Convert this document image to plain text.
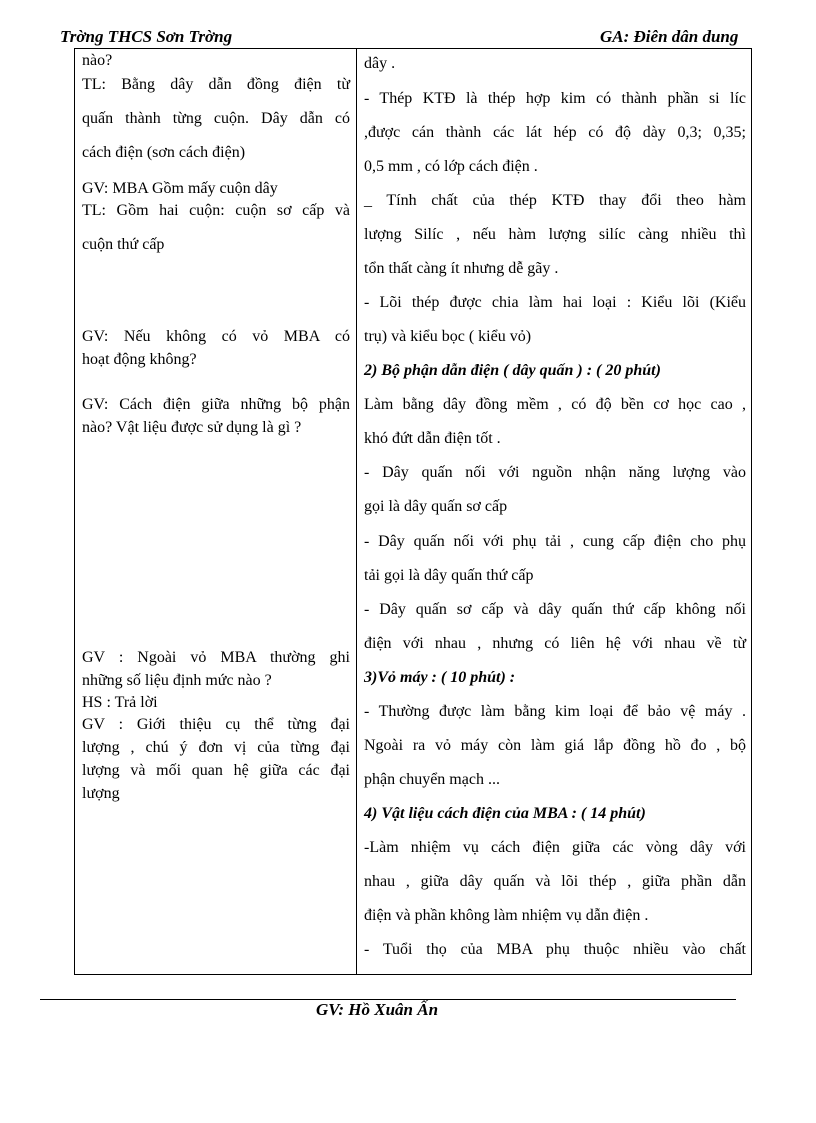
Trờng THCS Sơn Trờng	GA: Điên dân dung
nào?
TL: Bằng dây dẫn đồng điện từ
quấn thành từng cuộn. Dây dẫn có
cách điện (sơn cách điện)
GV: MBA Gồm mấy cuộn dây
TL: Gồm hai cuộn: cuộn sơ cấp và
cuộn thứ cấp
GV: Nếu không có vỏ MBA có
hoạt động không?
GV: Cách điện giữa những bộ phận
nào? Vật liệu được sử dụng là gì ?
GV : Ngoài vỏ MBA thường ghi
những số liệu định mức nào ?
HS : Trả lời
GV : Giới thiệu cụ thể từng đại
lượng , chú ý đơn vị của từng đại
lượng và mối quan hệ giữa các đại
lượng
dây .
- Thép KTĐ là thép hợp kim có thành phần si líc
,được cán thành các lát hép có độ dày 0,3; 0,35;
0,5 mm , có lớp cách điện .
_ Tính chất của thép KTĐ thay đổi theo hàm
lượng Silíc , nếu hàm lượng silíc càng nhiều thì
tổn thất càng ít nhưng dễ gãy .
- Lõi thép được chia làm hai loại : Kiểu lõi (Kiểu
trụ) và kiểu bọc ( kiểu vỏ)
2) Bộ phận dẫn điện ( dây quấn ) : ( 20 phút)
Làm bằng dây đồng mềm , có độ bền cơ học cao ,
khó đứt dẫn điện tốt .
- Dây quấn nối với nguồn nhận năng lượng vào
gọi là dây quấn sơ cấp
- Dây quấn nối với phụ tải , cung cấp điện cho phụ
tải gọi là dây quấn thứ cấp
- Dây quấn sơ cấp và dây quấn thứ cấp không nối
điện với nhau , nhưng có liên hệ với nhau về từ
3)Vỏ máy : ( 10 phút) :
- Thường được làm bằng kim loại để bảo vệ máy .
Ngoài ra vỏ máy còn làm giá lắp đồng hồ đo , bộ
phận chuyển mạch ...
4) Vật liệu cách điện của MBA : ( 14 phút)
-Làm nhiệm vụ cách điện giữa các vòng dây với
nhau , giữa dây quấn và lõi thép , giữa phần dẫn
điện và phần không làm nhiệm vụ dẫn điện .
- Tuổi thọ của MBA phụ thuộc nhiều vào chất
GV: Hồ Xuân Ấn
